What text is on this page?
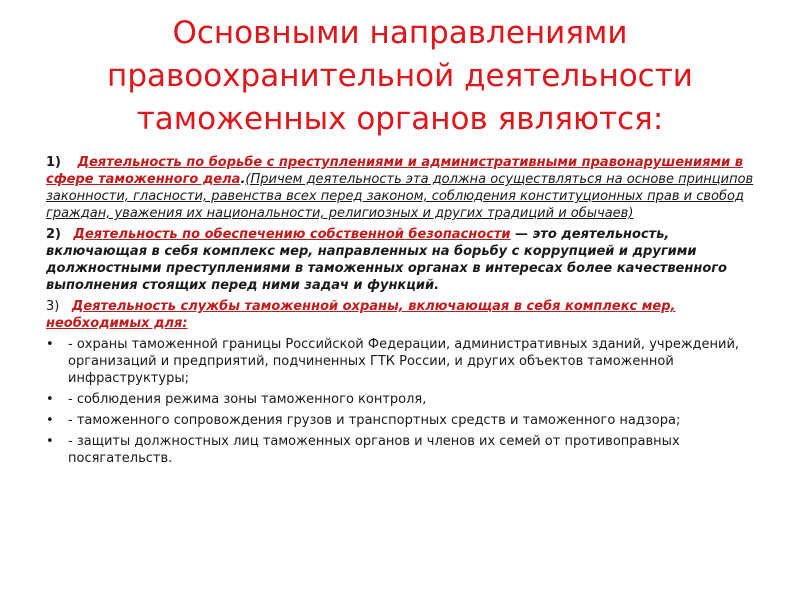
Основными направлениями
правоохранительной деятельности
таможенных органов являются:

1) Деятельность по борьбе с преступлениями и административными правонарушениями в сфере таможенного дела.(Причем деятельность эта должна осуществляться на основе принципов законности, гласности, равенства всех перед законом, соблюдения конституционных прав и свобод граждан, уважения их национальности, религиозных и других традиций и обычаев)

2) Деятельность по обеспечению собственной безопасности — это деятельность, включающая в себя комплекс мер, направленных на борьбу с коррупцией и другими должностными преступлениями в таможенных органах в интересах более качественного выполнения стоящих перед ними задач и функций.

3) Деятельность службы таможенной охраны, включающая в себя комплекс мер, необходимых для:

• - охраны таможенной границы Российской Федерации, административных зданий, учреждений, организаций и предприятий, подчиненных ГТК России, и других объектов таможенной инфраструктуры;
• - соблюдения режима зоны таможенного контроля,
• - таможенного сопровождения грузов и транспортных средств и таможенного надзора;
• - защиты должностных лиц таможенных органов и членов их семей от противоправных посягательств.
